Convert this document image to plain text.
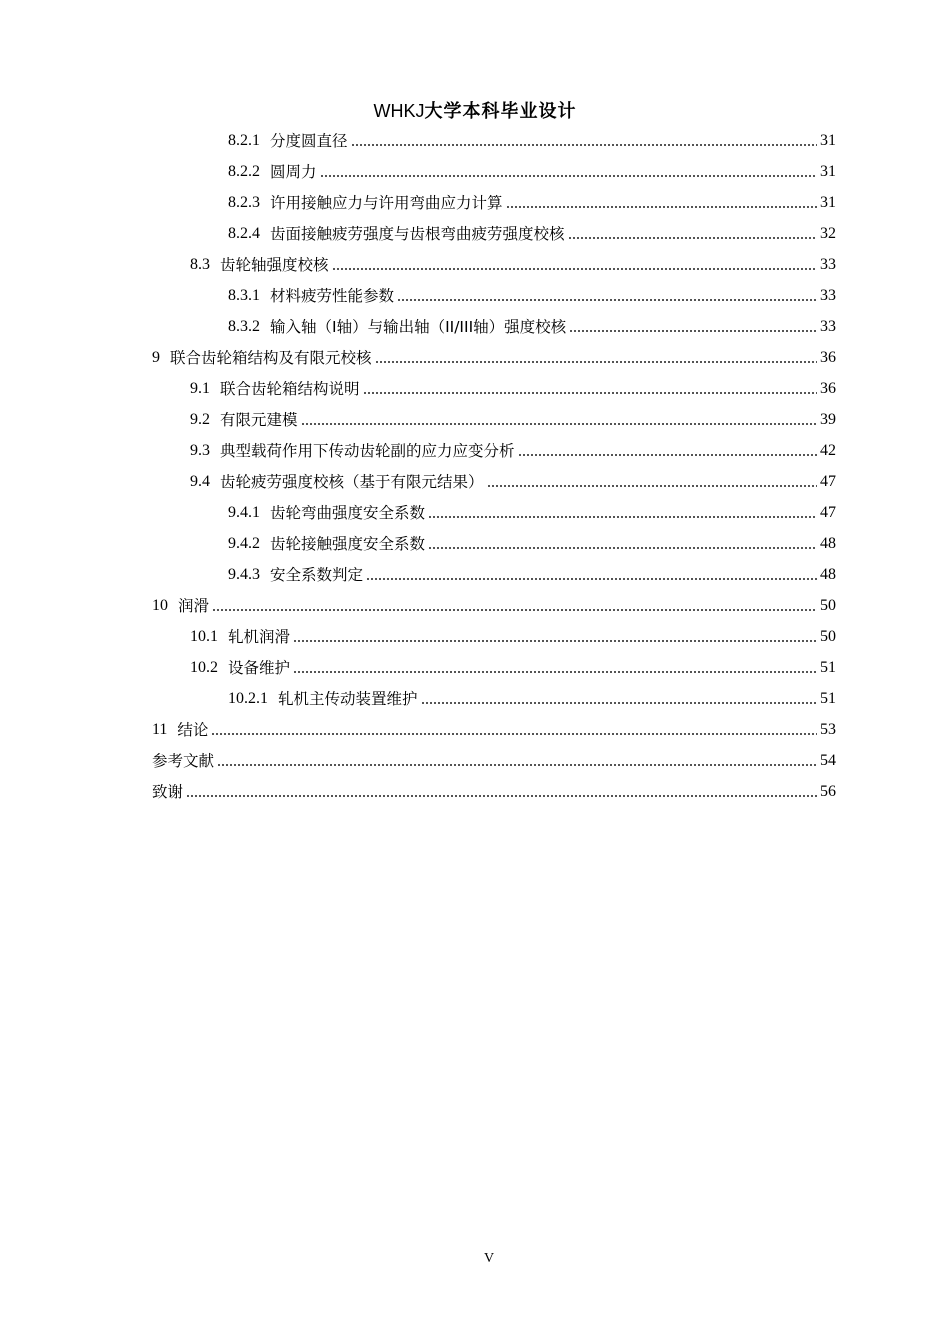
WHKJ大学本科毕业设计
8.2.1 分度圆直径	31
8.2.2 圆周力	31
8.2.3 许用接触应力与许用弯曲应力计算	31
8.2.4 齿面接触疲劳强度与齿根弯曲疲劳强度校核	32
8.3 齿轮轴强度校核	33
8.3.1 材料疲劳性能参数	33
8.3.2 输入轴（I轴）与输出轴（II/III轴）强度校核	33
9 联合齿轮箱结构及有限元校核	36
9.1 联合齿轮箱结构说明	36
9.2 有限元建模	39
9.3 典型载荷作用下传动齿轮副的应力应变分析	42
9.4 齿轮疲劳强度校核（基于有限元结果）	47
9.4.1 齿轮弯曲强度安全系数	47
9.4.2 齿轮接触强度安全系数	48
9.4.3 安全系数判定	48
10 润滑	50
10.1 轧机润滑	50
10.2 设备维护	51
10.2.1 轧机主传动装置维护	51
11 结论	53
参考文献	54
致谢	56
V
